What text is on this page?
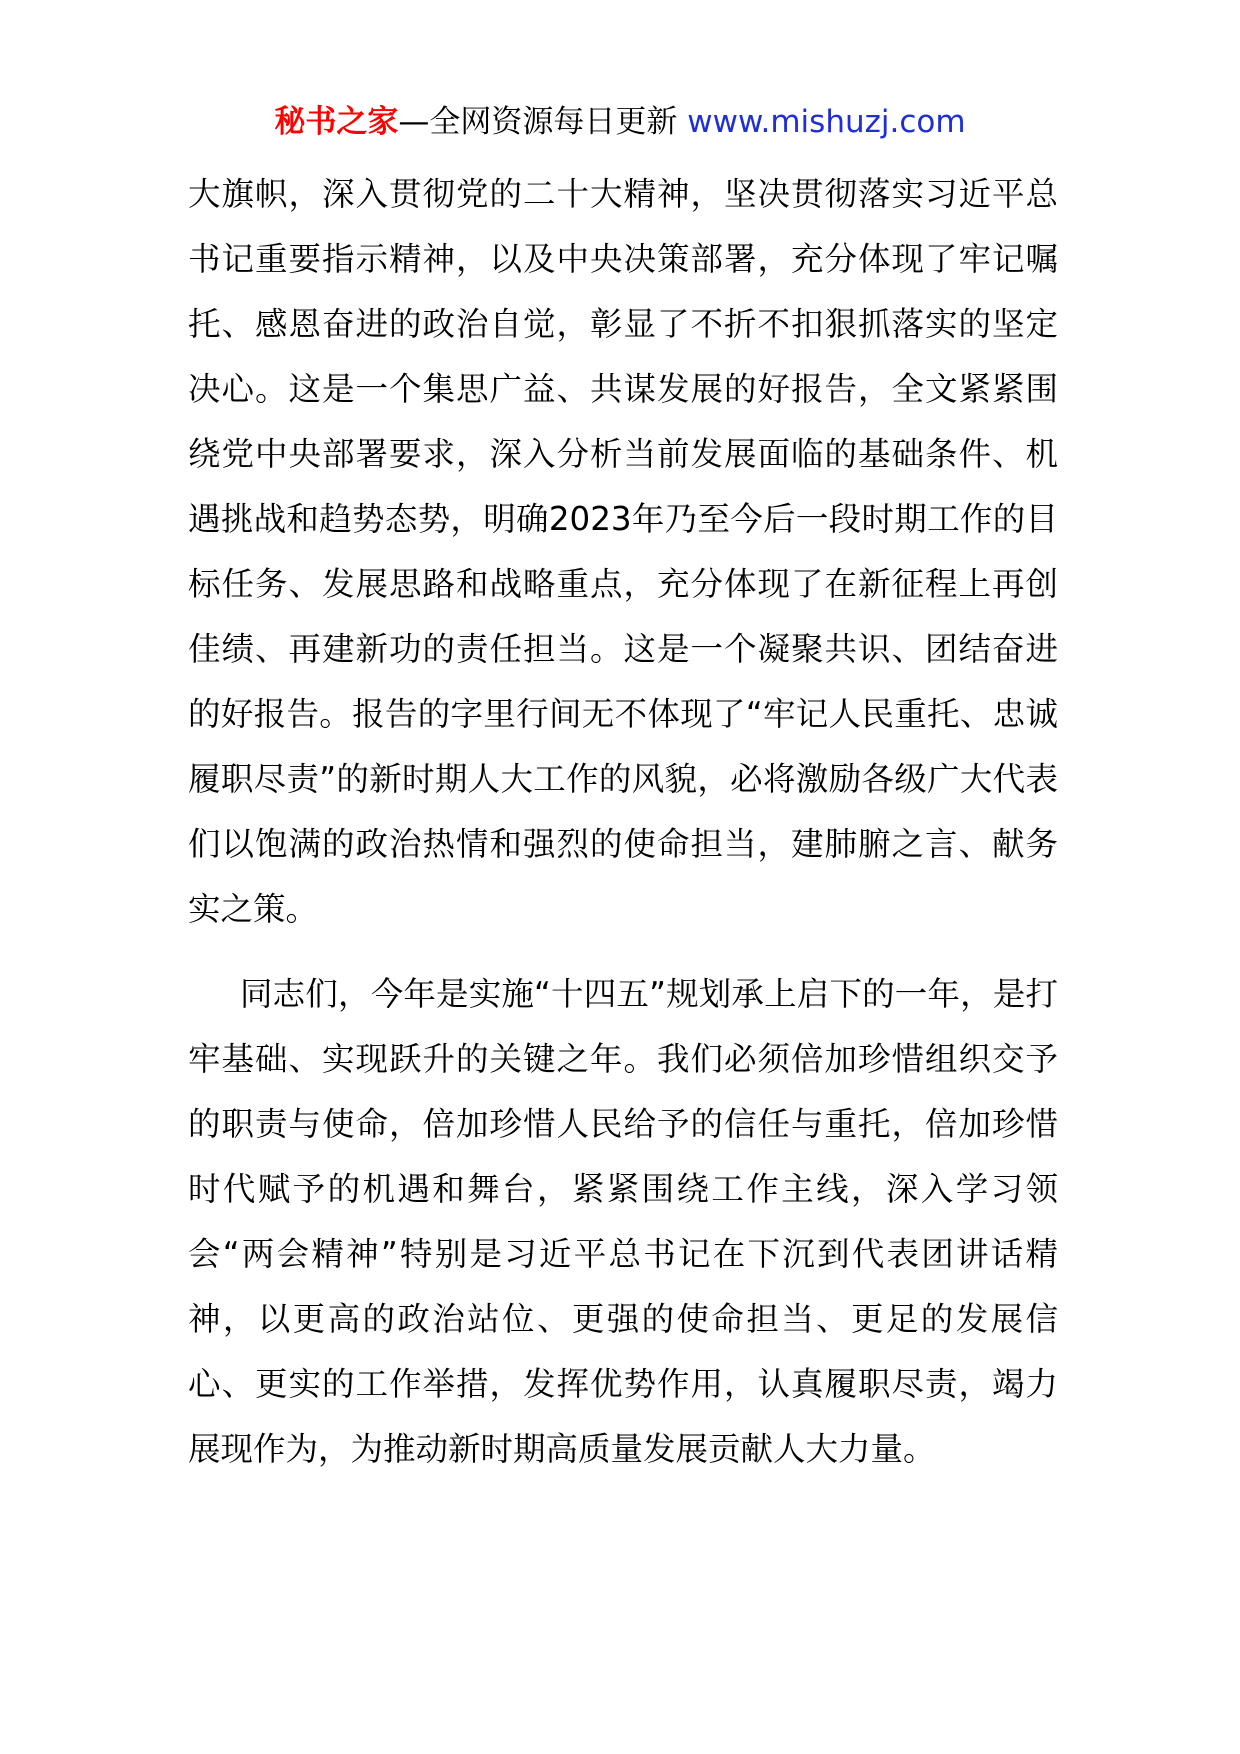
秘书之家—全网资源每日更新 www.mishuzj.com

大旗帜，深入贯彻党的二十大精神，坚决贯彻落实习近平总书记重要指示精神，以及中央决策部署，充分体现了牢记嘱托、感恩奋进的政治自觉，彰显了不折不扣狠抓落实的坚定决心。这是一个集思广益、共谋发展的好报告，全文紧紧围绕党中央部署要求，深入分析当前发展面临的基础条件、机遇挑战和趋势态势，明确2023年乃至今后一段时期工作的目标任务、发展思路和战略重点，充分体现了在新征程上再创佳绩、再建新功的责任担当。这是一个凝聚共识、团结奋进的好报告。报告的字里行间无不体现了“牢记人民重托、忠诚履职尽责”的新时期人大工作的风貌，必将激励各级广大代表们以饱满的政治热情和强烈的使命担当，建肺腑之言、献务实之策。

同志们，今年是实施“十四五”规划承上启下的一年，是打牢基础、实现跃升的关键之年。我们必须倍加珍惜组织交予的职责与使命，倍加珍惜人民给予的信任与重托，倍加珍惜时代赋予的机遇和舞台，紧紧围绕工作主线，深入学习领会“两会精神”特别是习近平总书记在下沉到代表团讲话精神，以更高的政治站位、更强的使命担当、更足的发展信心、更实的工作举措，发挥优势作用，认真履职尽责，竭力展现作为，为推动新时期高质量发展贡献人大力量。
